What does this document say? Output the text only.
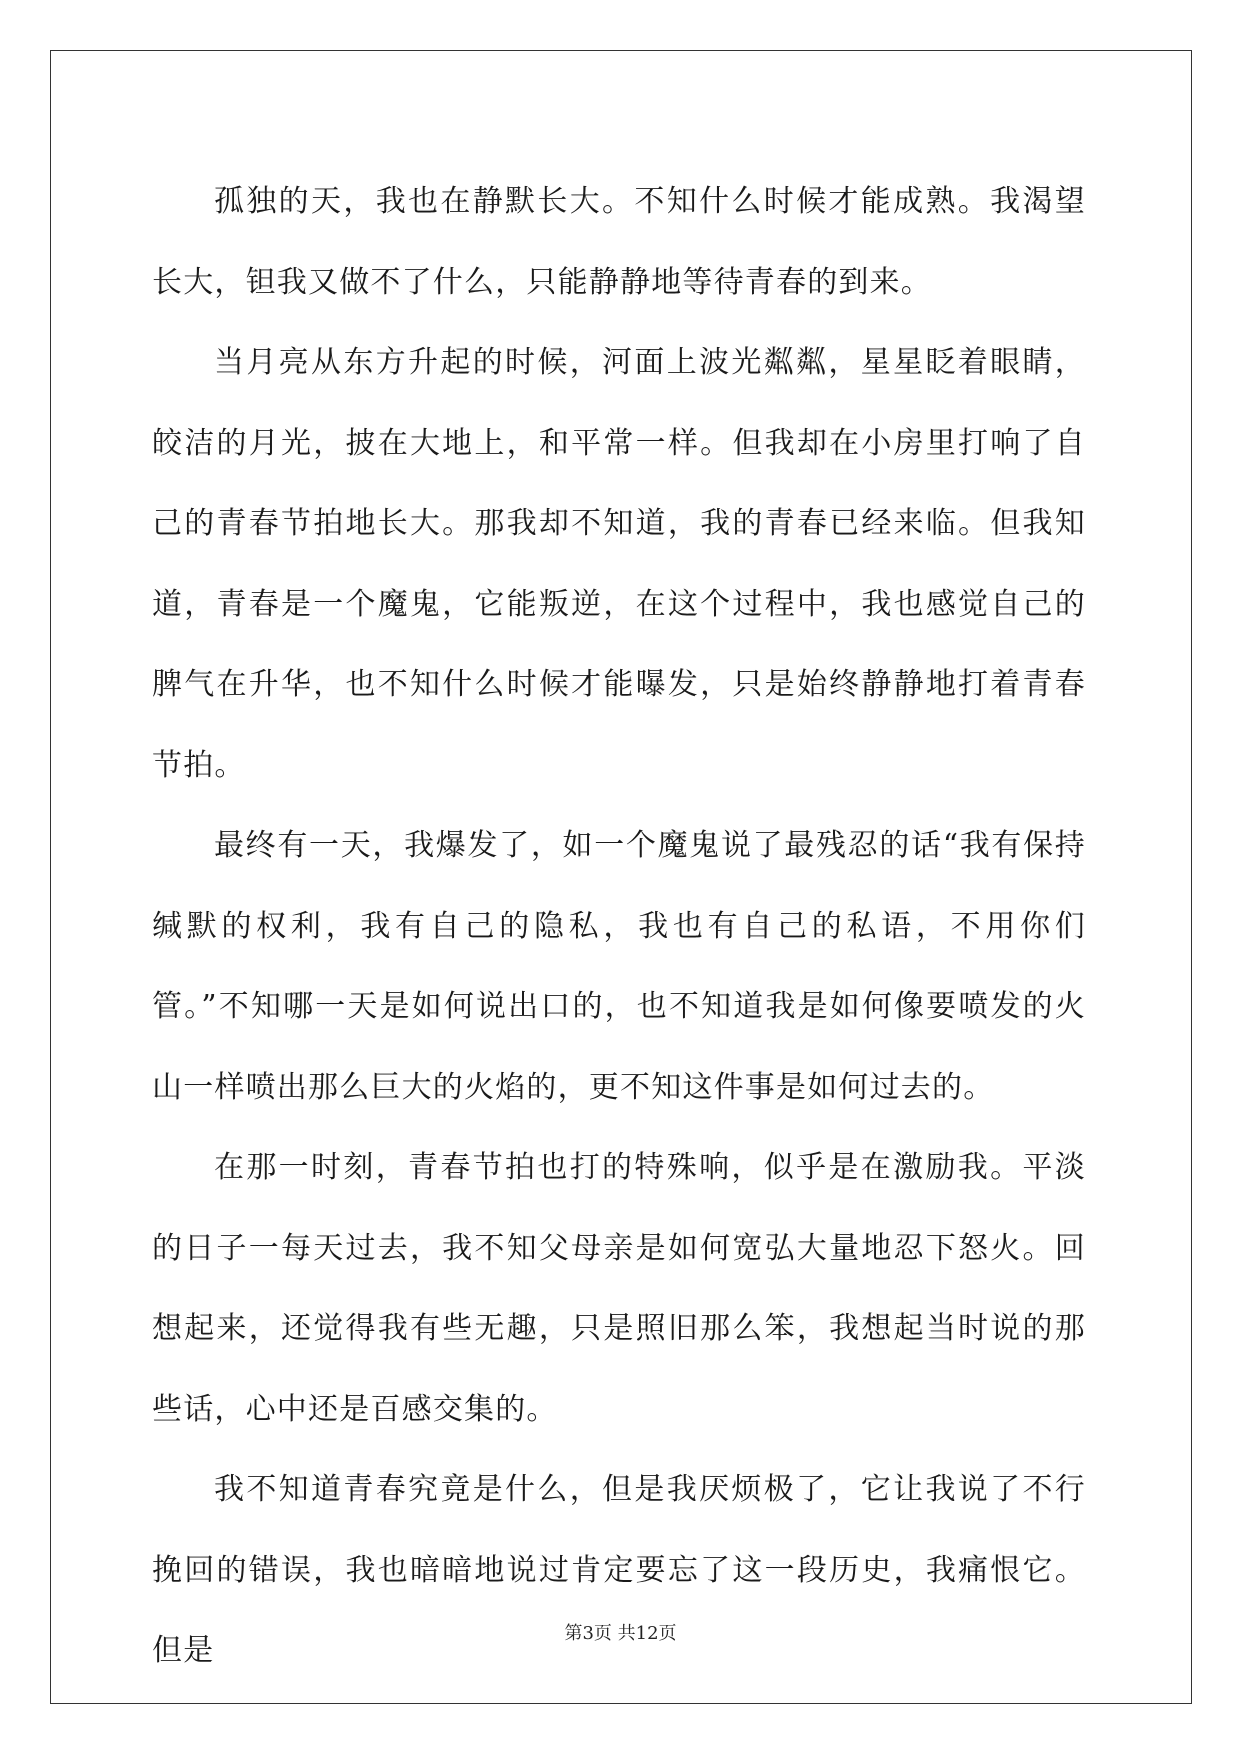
孤独的天，我也在静默长大。不知什么时候才能成熟。我渴望长大，钽我又做不了什么，只能静静地等待青春的到来。

当月亮从东方升起的时候，河面上波光粼粼，星星眨着眼睛，皎洁的月光，披在大地上，和平常一样。但我却在小房里打响了自己的青春节拍地长大。那我却不知道，我的青春已经来临。但我知道，青春是一个魔鬼，它能叛逆，在这个过程中，我也感觉自己的脾气在升华，也不知什么时候才能曝发，只是始终静静地打着青春节拍。

最终有一天，我爆发了，如一个魔鬼说了最残忍的话“我有保持缄默的权利，我有自己的隐私，我也有自己的私语，不用你们管。”不知哪一天是如何说出口的，也不知道我是如何像要喷发的火山一样喷出那么巨大的火焰的，更不知这件事是如何过去的。

在那一时刻，青春节拍也打的特殊响，似乎是在激励我。平淡的日子一每天过去，我不知父母亲是如何宽弘大量地忍下怒火。回想起来，还觉得我有些无趣，只是照旧那么笨，我想起当时说的那些话，心中还是百感交集的。

我不知道青春究竟是什么，但是我厌烦极了，它让我说了不行挽回的错误，我也暗暗地说过肯定要忘了这一段历史，我痛恨它。但是	第3页 共12页
